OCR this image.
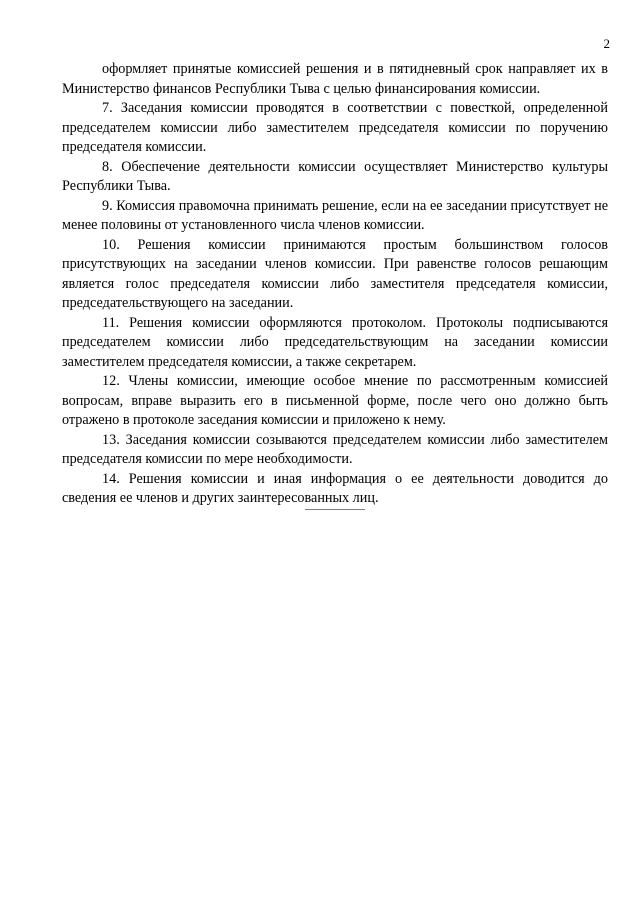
2

оформляет принятые комиссией решения и в пятидневный срок направляет их в Министерство финансов Республики Тыва с целью финансирования комиссии.

7. Заседания комиссии проводятся в соответствии с повесткой, определенной председателем комиссии либо заместителем председателя комиссии по поручению председателя комиссии.

8. Обеспечение деятельности комиссии осуществляет Министерство культуры Республики Тыва.

9. Комиссия правомочна принимать решение, если на ее заседании присутствует не менее половины от установленного числа членов комиссии.

10. Решения комиссии принимаются простым большинством голосов присутствующих на заседании членов комиссии. При равенстве голосов решающим является голос председателя комиссии либо заместителя председателя комиссии, председательствующего на заседании.

11. Решения комиссии оформляются протоколом. Протоколы подписываются председателем комиссии либо председательствующим на заседании комиссии заместителем председателя комиссии, а также секретарем.

12. Члены комиссии, имеющие особое мнение по рассмотренным комиссией вопросам, вправе выразить его в письменной форме, после чего оно должно быть отражено в протоколе заседания комиссии и приложено к нему.

13. Заседания комиссии созываются председателем комиссии либо заместителем председателя комиссии по мере необходимости.

14. Решения комиссии и иная информация о ее деятельности доводится до сведения ее членов и других заинтересованных лиц.
